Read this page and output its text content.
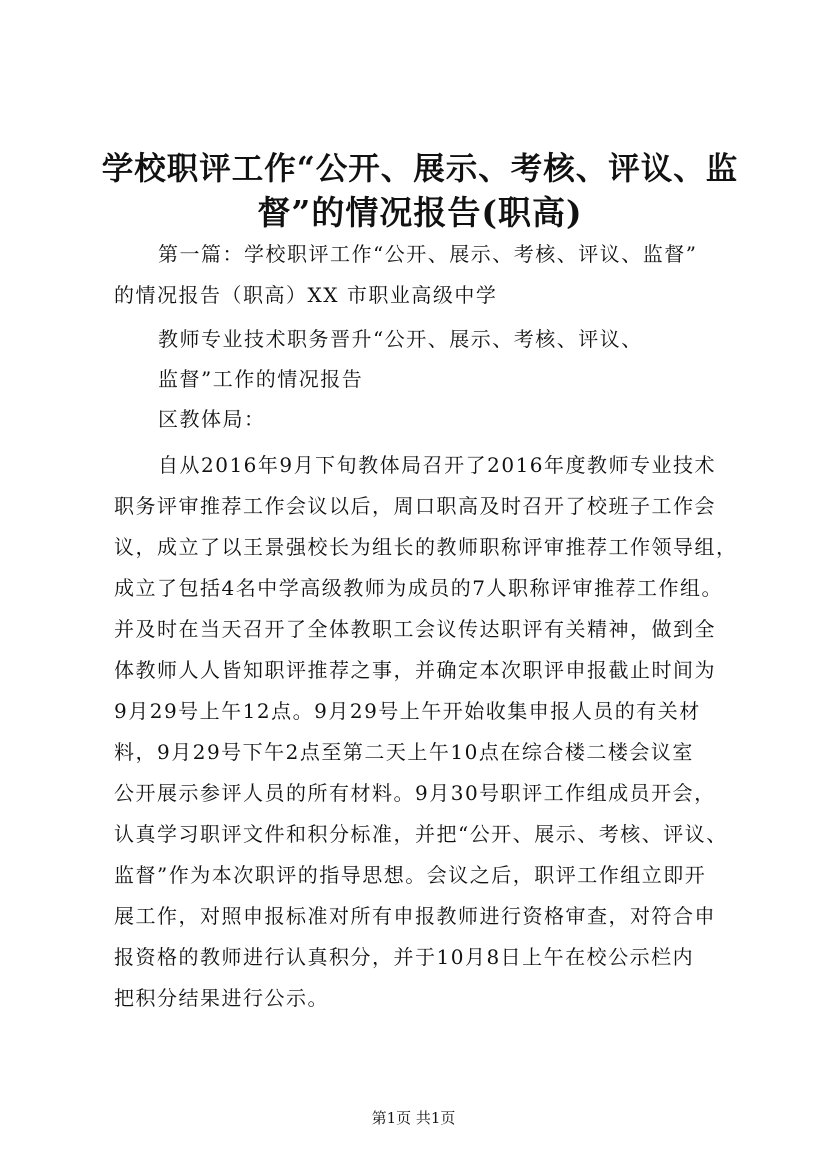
学校职评工作“公开、展示、考核、评议、监
督”的情况报告(职高)
第一篇：学校职评工作“公开、展示、考核、评议、监督”
的情况报告（职高）XX 市职业高级中学
教师专业技术职务晋升“公开、展示、考核、评议、
监督”工作的情况报告
区教体局：
自从2016年9月下旬教体局召开了2016年度教师专业技术
职务评审推荐工作会议以后，周口职高及时召开了校班子工作会
议，成立了以王景强校长为组长的教师职称评审推荐工作领导组，
成立了包括4名中学高级教师为成员的7人职称评审推荐工作组。
并及时在当天召开了全体教职工会议传达职评有关精神，做到全
体教师人人皆知职评推荐之事，并确定本次职评申报截止时间为
9月29号上午12点。9月29号上午开始收集申报人员的有关材
料，9月29号下午2点至第二天上午10点在综合楼二楼会议室
公开展示参评人员的所有材料。9月30号职评工作组成员开会，
认真学习职评文件和积分标准，并把“公开、展示、考核、评议、
监督”作为本次职评的指导思想。会议之后，职评工作组立即开
展工作，对照申报标准对所有申报教师进行资格审查，对符合申
报资格的教师进行认真积分，并于10月8日上午在校公示栏内
把积分结果进行公示。
第1页 共1页
